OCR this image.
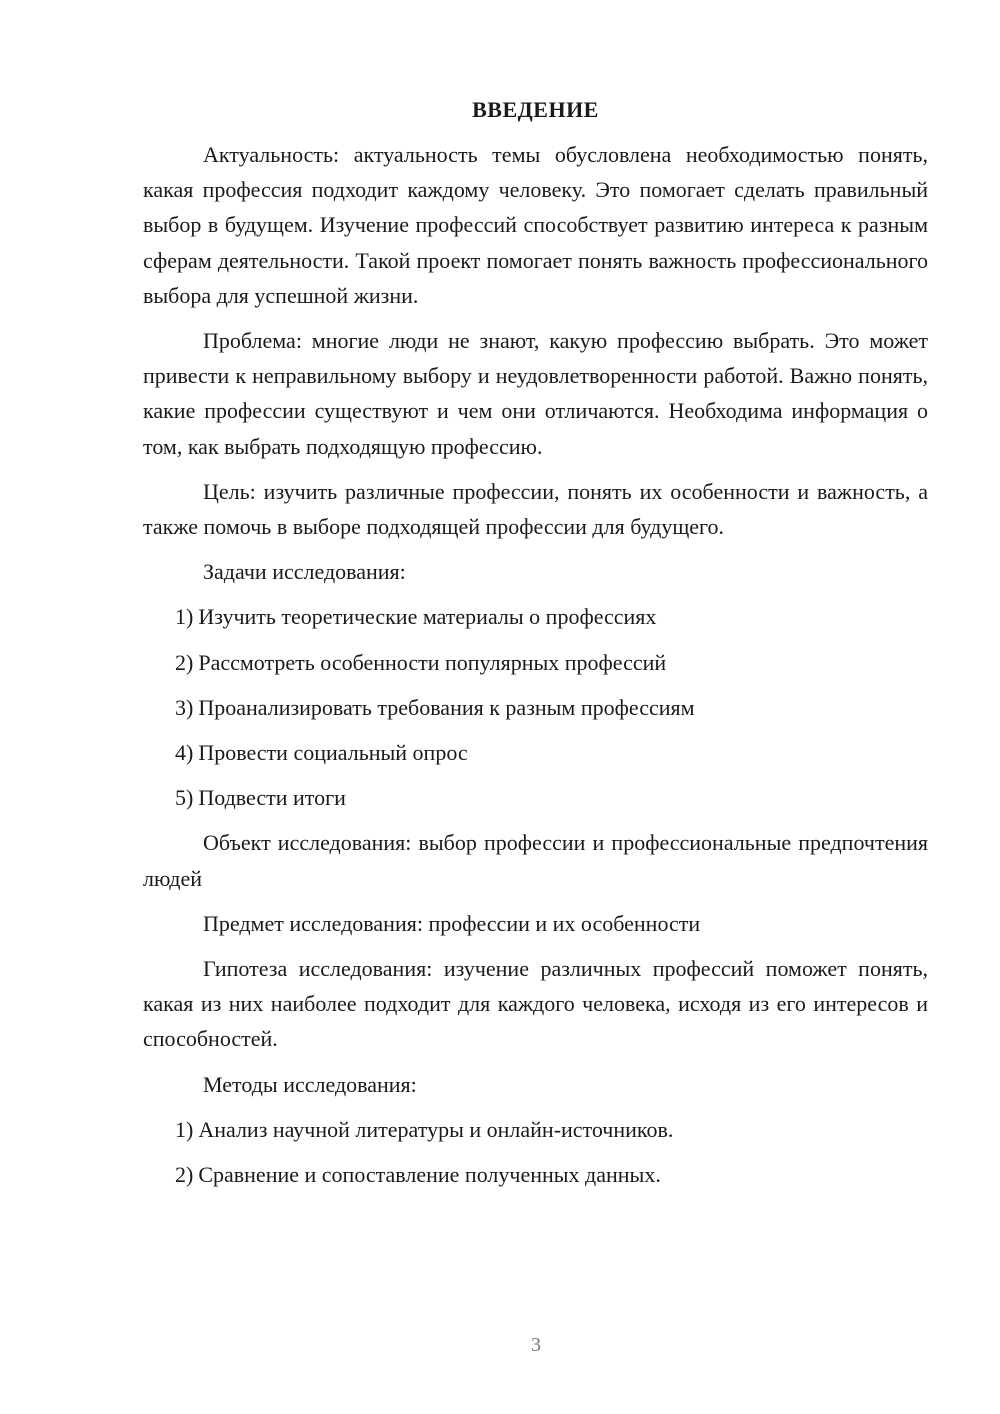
ВВЕДЕНИЕ

Актуальность: актуальность темы обусловлена необходимостью понять, какая профессия подходит каждому человеку. Это помогает сделать правильный выбор в будущем. Изучение профессий способствует развитию интереса к разным сферам деятельности. Такой проект помогает понять важность профессионального выбора для успешной жизни.

Проблема: многие люди не знают, какую профессию выбрать. Это может привести к неправильному выбору и неудовлетворенности работой. Важно понять, какие профессии существуют и чем они отличаются. Необходима информация о том, как выбрать подходящую профессию.

Цель: изучить различные профессии, понять их особенности и важность, а также помочь в выборе подходящей профессии для будущего.

Задачи исследования:

1) Изучить теоретические материалы о профессиях
2) Рассмотреть особенности популярных профессий
3) Проанализировать требования к разным профессиям
4) Провести социальный опрос
5) Подвести итоги

Объект исследования: выбор профессии и профессиональные предпочтения людей

Предмет исследования: профессии и их особенности

Гипотеза исследования: изучение различных профессий поможет понять, какая из них наиболее подходит для каждого человека, исходя из его интересов и способностей.

Методы исследования:

1) Анализ научной литературы и онлайн-источников.
2) Сравнение и сопоставление полученных данных.
3
